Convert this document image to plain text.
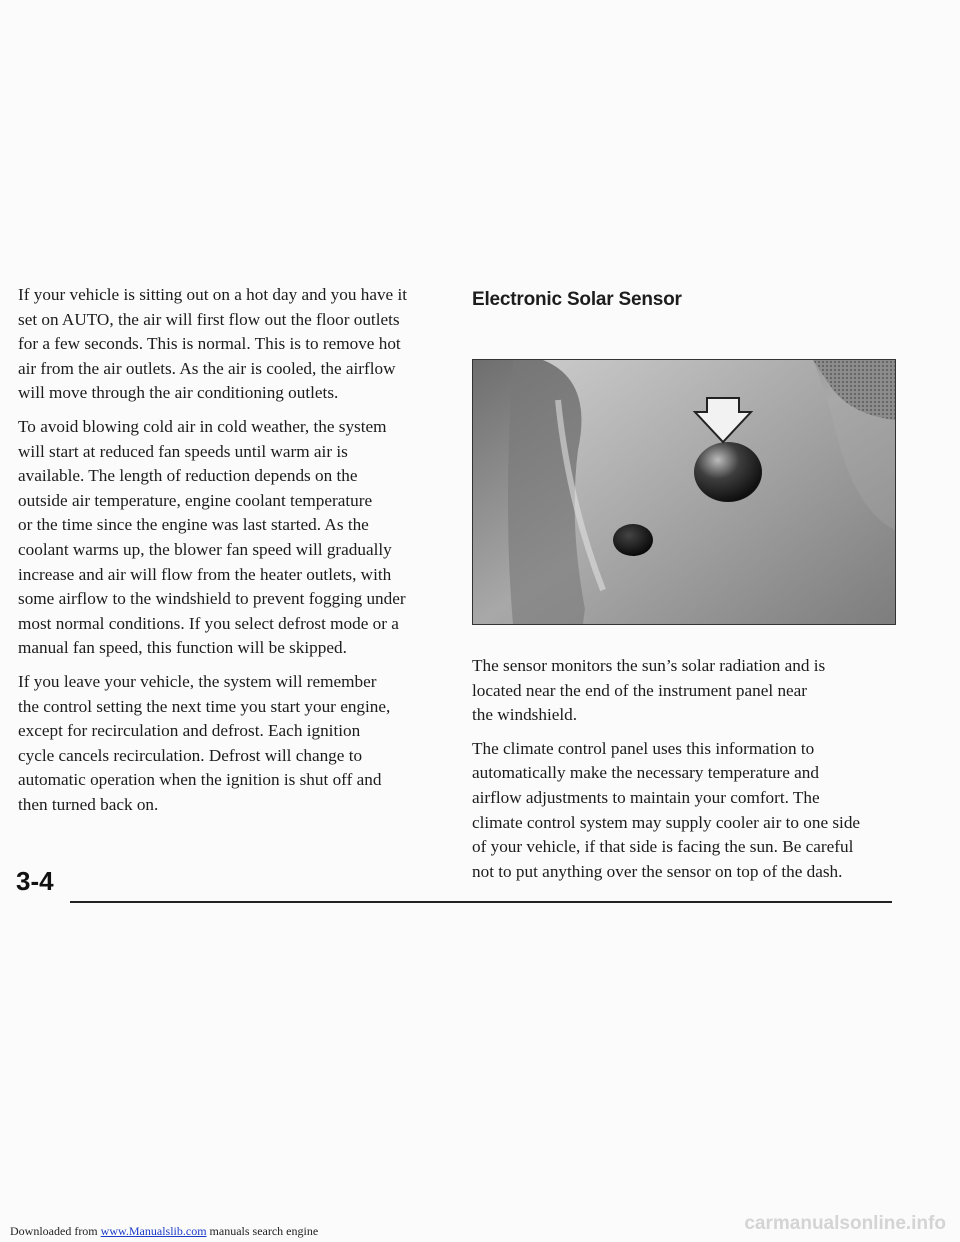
If your vehicle is sitting out on a hot day and you have it
set on AUTO, the air will first flow out the floor outlets
for a few seconds. This is normal. This is to remove hot
air from the air outlets. As the air is cooled, the airflow
will move through the air conditioning outlets.

To avoid blowing cold air in cold weather, the system
will start at reduced fan speeds until warm air is
available. The length of reduction depends on the
outside air temperature, engine coolant temperature
or the time since the engine was last started. As the
coolant warms up, the blower fan speed will gradually
increase and air will flow from the heater outlets, with
some airflow to the windshield to prevent fogging under
most normal conditions. If you select defrost mode or a
manual fan speed, this function will be skipped.

If you leave your vehicle, the system will remember
the control setting the next time you start your engine,
except for recirculation and defrost. Each ignition
cycle cancels recirculation. Defrost will change to
automatic operation when the ignition is shut off and
then turned back on.

Electronic Solar Sensor

The sensor monitors the sun’s solar radiation and is
located near the end of the instrument panel near
the windshield.

The climate control panel uses this information to
automatically make the necessary temperature and
airflow adjustments to maintain your comfort. The
climate control system may supply cooler air to one side
of your vehicle, if that side is facing the sun. Be careful
not to put anything over the sensor on top of the dash.

3-4
Downloaded from www.Manualslib.com manuals search engine	carmanualsonline.info
